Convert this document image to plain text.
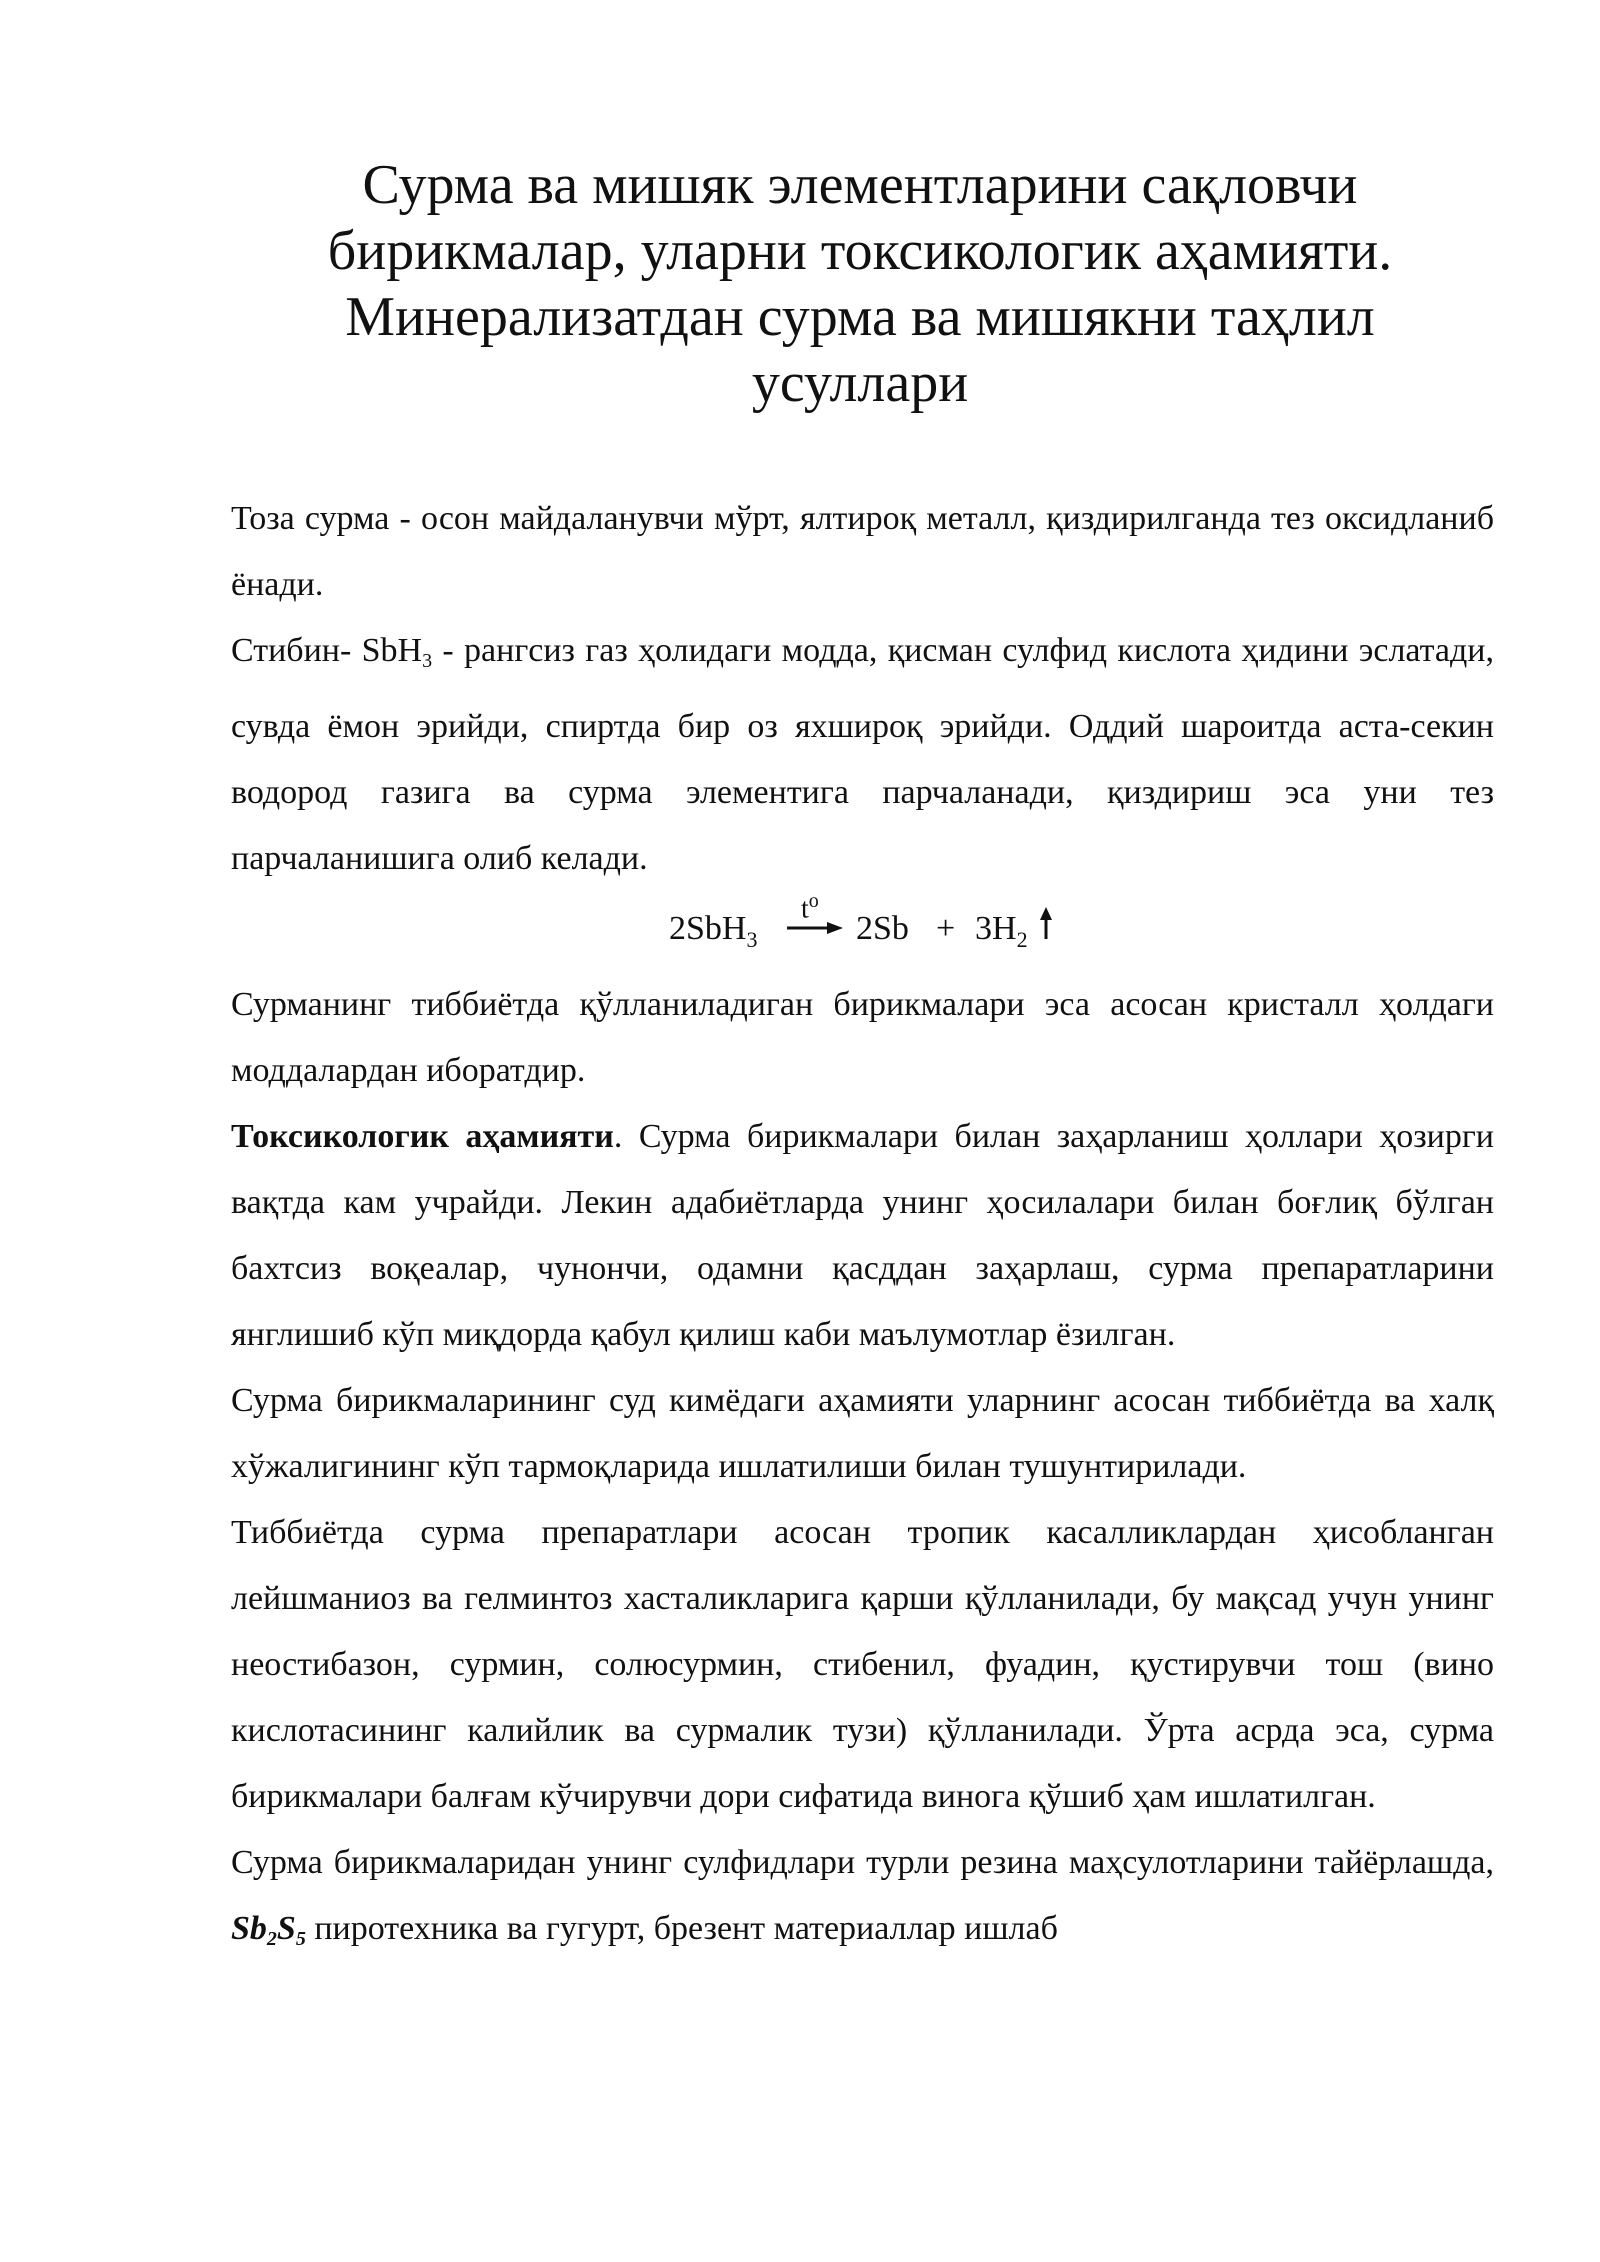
Сурма ва мишяк элементларини сақловчи
бирикмалар, уларни токсикологик аҳамияти.
Минерализатдан сурма ва мишякни таҳлил
усуллари

Тоза сурма - осон майдаланувчи мўрт, ялтироқ металл, қиздирилганда тез оксидланиб ёнади.

Стибин- SbH$_3$ - рангсиз газ ҳолидаги модда, қисман сулфид кислота ҳидини эслатади, сувда ёмон эрийди, спиртда бир оз яхшироқ эрийди. Оддий шароитда аста-секин водород газига ва сурма элементига парчаланади, қиздириш эса уни тез парчаланишига олиб келади.

2SbH$_3$
$t^o$
→ $2Sb + 3H_2$

Сурманинг тиббиётда қўлланиладиган бирикмалари эса асосан кристалл ҳолдаги моддалардан иборатдир.

Токсикологик аҳамияти. Сурма бирикмалари билан заҳарланиш ҳоллари ҳозирги вақтда кам учрайди. Лекин адабиётларда унинг ҳосилалари билан боғлиқ бўлган бахтсиз воқеалар, чунончи, одамни қасддан заҳарлаш, сурма препаратларини янглишиб кўп миқдорда қабул қилиш каби маълумотлар ёзилган.

Сурма бирикмаларининг суд кимёдаги аҳамияти уларнинг асосан тиббиётда ва халқ хўжалигининг кўп тармоқларида ишлатилиши билан тушунтирилади.

Тиббиётда сурма препаратлари асосан тропик касалликлардан ҳисобланган лейшманиоз ва гелминтоз хасталикларига қарши қўлланилади, бу мақсад учун унинг неостибазон, сурмин, солюсурмин, стибенил, фуадин, қустирувчи тош (вино кислотасининг калийлик ва сурмалик тузи) қўлланилади. Ўрта асрда эса, сурма бирикмалари балғам кўчирувчи дори сифатида винога қўшиб ҳам ишлатилган.

Сурма бирикмаларидан унинг сулфидлари турли резина маҳсулотларини тайёрлашда, $Sb_2S_5$ пиротехника ва гугурт, брезент материаллар ишлаб
